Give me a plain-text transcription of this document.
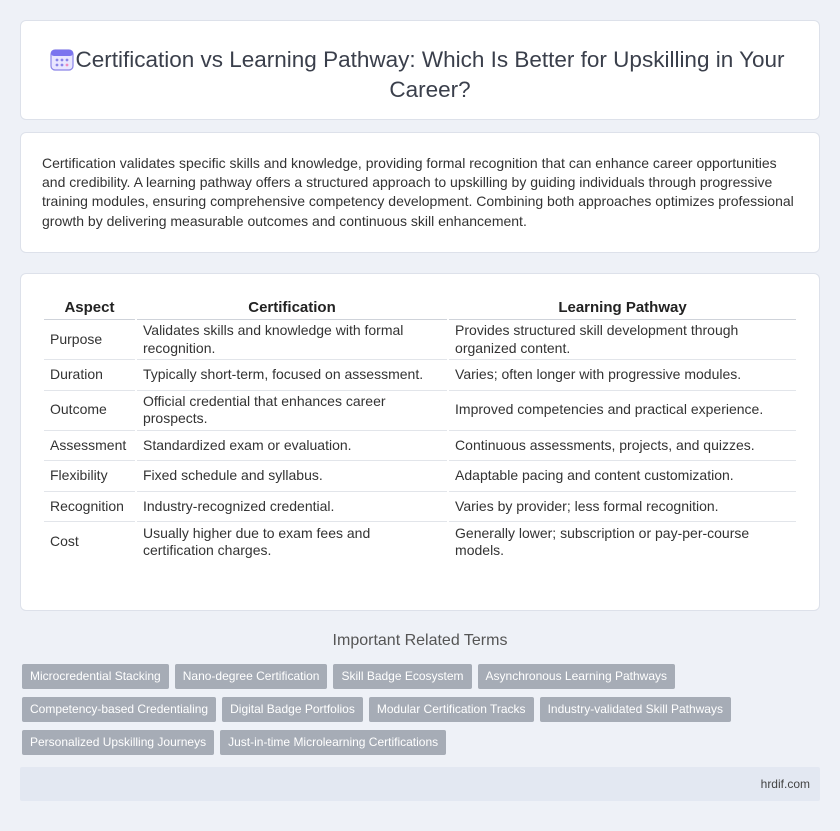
Certification vs Learning Pathway: Which Is Better for Upskilling in Your Career?

Certification validates specific skills and knowledge, providing formal recognition that can enhance career opportunities and credibility. A learning pathway offers a structured approach to upskilling by guiding individuals through progressive training modules, ensuring comprehensive competency development. Combining both approaches optimizes professional growth by delivering measurable outcomes and continuous skill enhancement.

Aspect	Certification	Learning Pathway
Purpose	Validates skills and knowledge with formal recognition.	Provides structured skill development through organized content.
Duration	Typically short-term, focused on assessment.	Varies; often longer with progressive modules.
Outcome	Official credential that enhances career prospects.	Improved competencies and practical experience.
Assessment	Standardized exam or evaluation.	Continuous assessments, projects, and quizzes.
Flexibility	Fixed schedule and syllabus.	Adaptable pacing and content customization.
Recognition	Industry-recognized credential.	Varies by provider; less formal recognition.
Cost	Usually higher due to exam fees and certification charges.	Generally lower; subscription or pay-per-course models.
Important Related Terms
Microcredential Stacking	Nano-degree Certification	Skill Badge Ecosystem	Asynchronous Learning Pathways
Competency-based Credentialing	Digital Badge Portfolios	Modular Certification Tracks	Industry-validated Skill Pathways
Personalized Upskilling Journeys	Just-in-time Microlearning Certifications
hrdif.com
